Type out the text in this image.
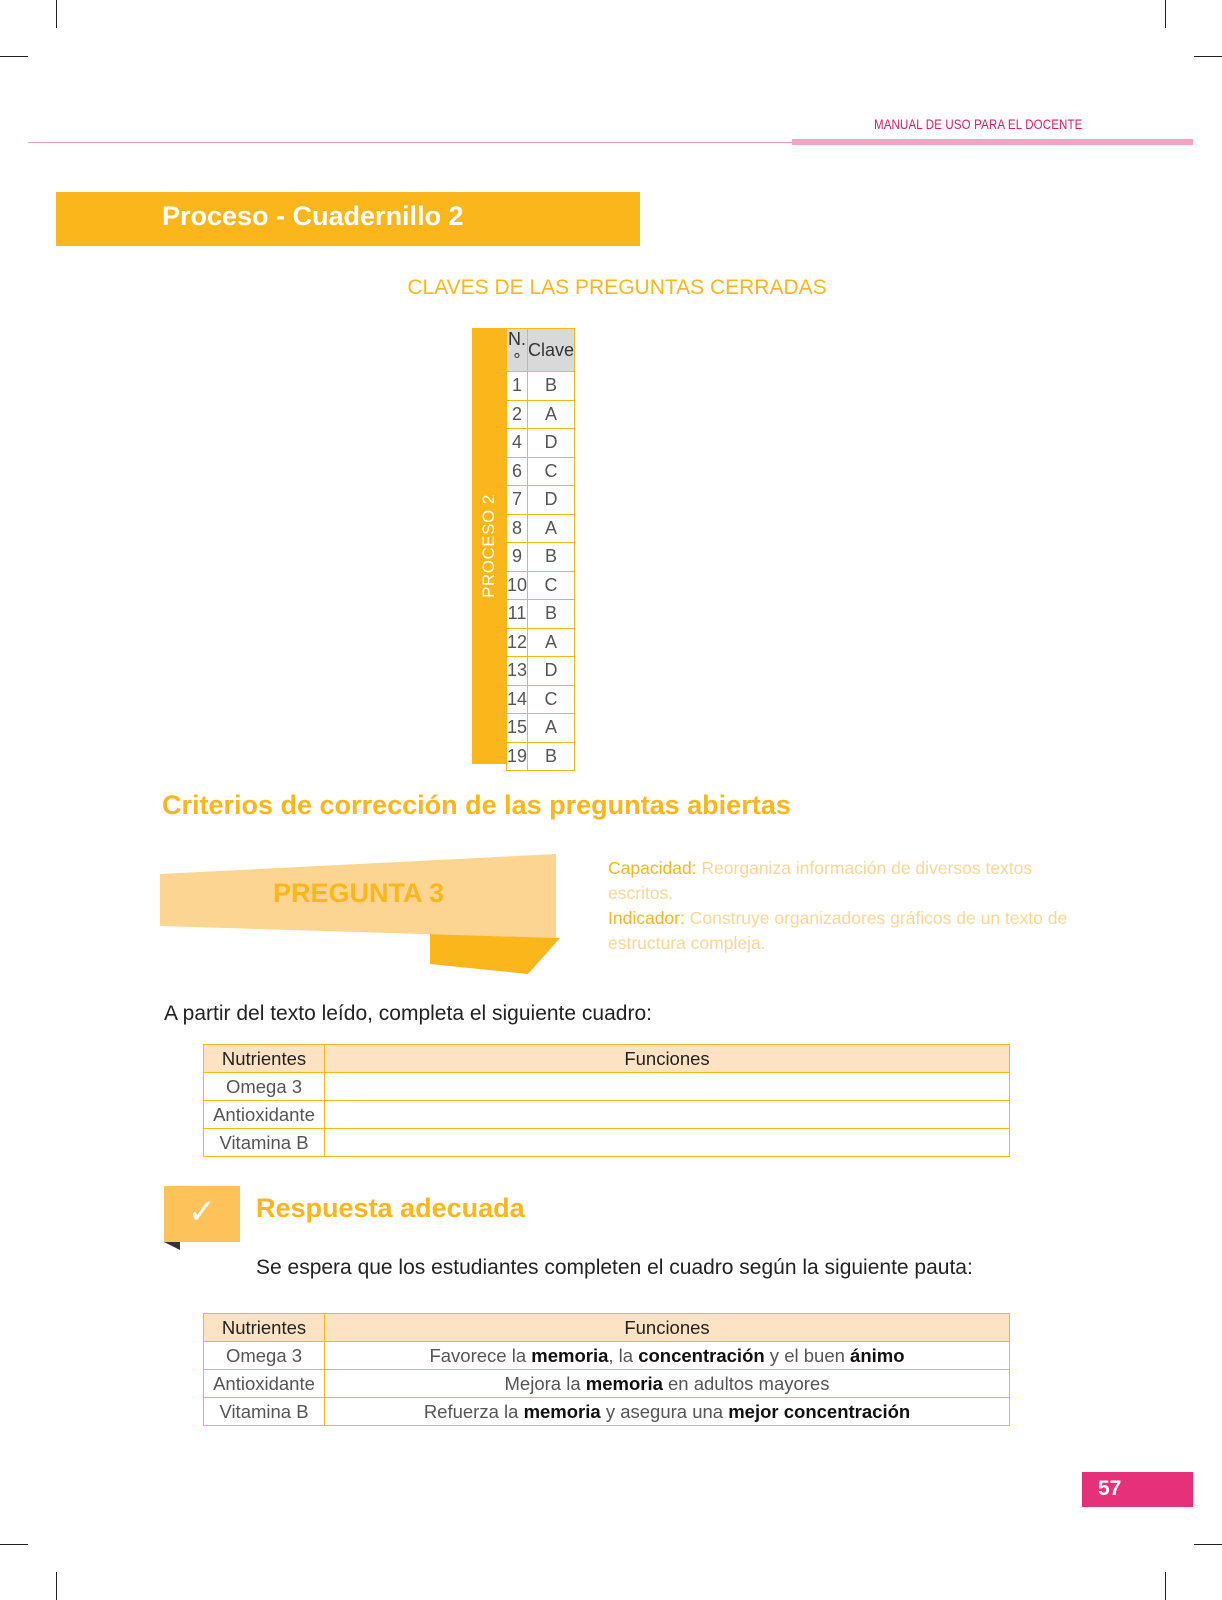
MANUAL DE USO PARA EL DOCENTE
Proceso - Cuadernillo 2
CLAVES DE LAS PREGUNTAS CERRADAS
PROCESO 2
N.°	Clave
1	B
2	A
4	D
6	C
7	D
8	A
9	B
10	C
11	B
12	A
13	D
14	C
15	A
19	B
Criterios de corrección de las preguntas abiertas
PREGUNTA 3
Capacidad: Reorganiza información de diversos textos escritos.
Indicador: Construye organizadores gráficos de un texto de estructura compleja.
A partir del texto leído, completa el siguiente cuadro:
Nutrientes	Funciones
Omega 3	
Antioxidante	
Vitamina B	
✓	Respuesta adecuada
Se espera que los estudiantes completen el cuadro según la siguiente pauta:
Nutrientes	Funciones
Omega 3	Favorece la memoria, la concentración y el buen ánimo
Antioxidante	Mejora la memoria en adultos mayores
Vitamina B	Refuerza la memoria y asegura una mejor concentración
57
